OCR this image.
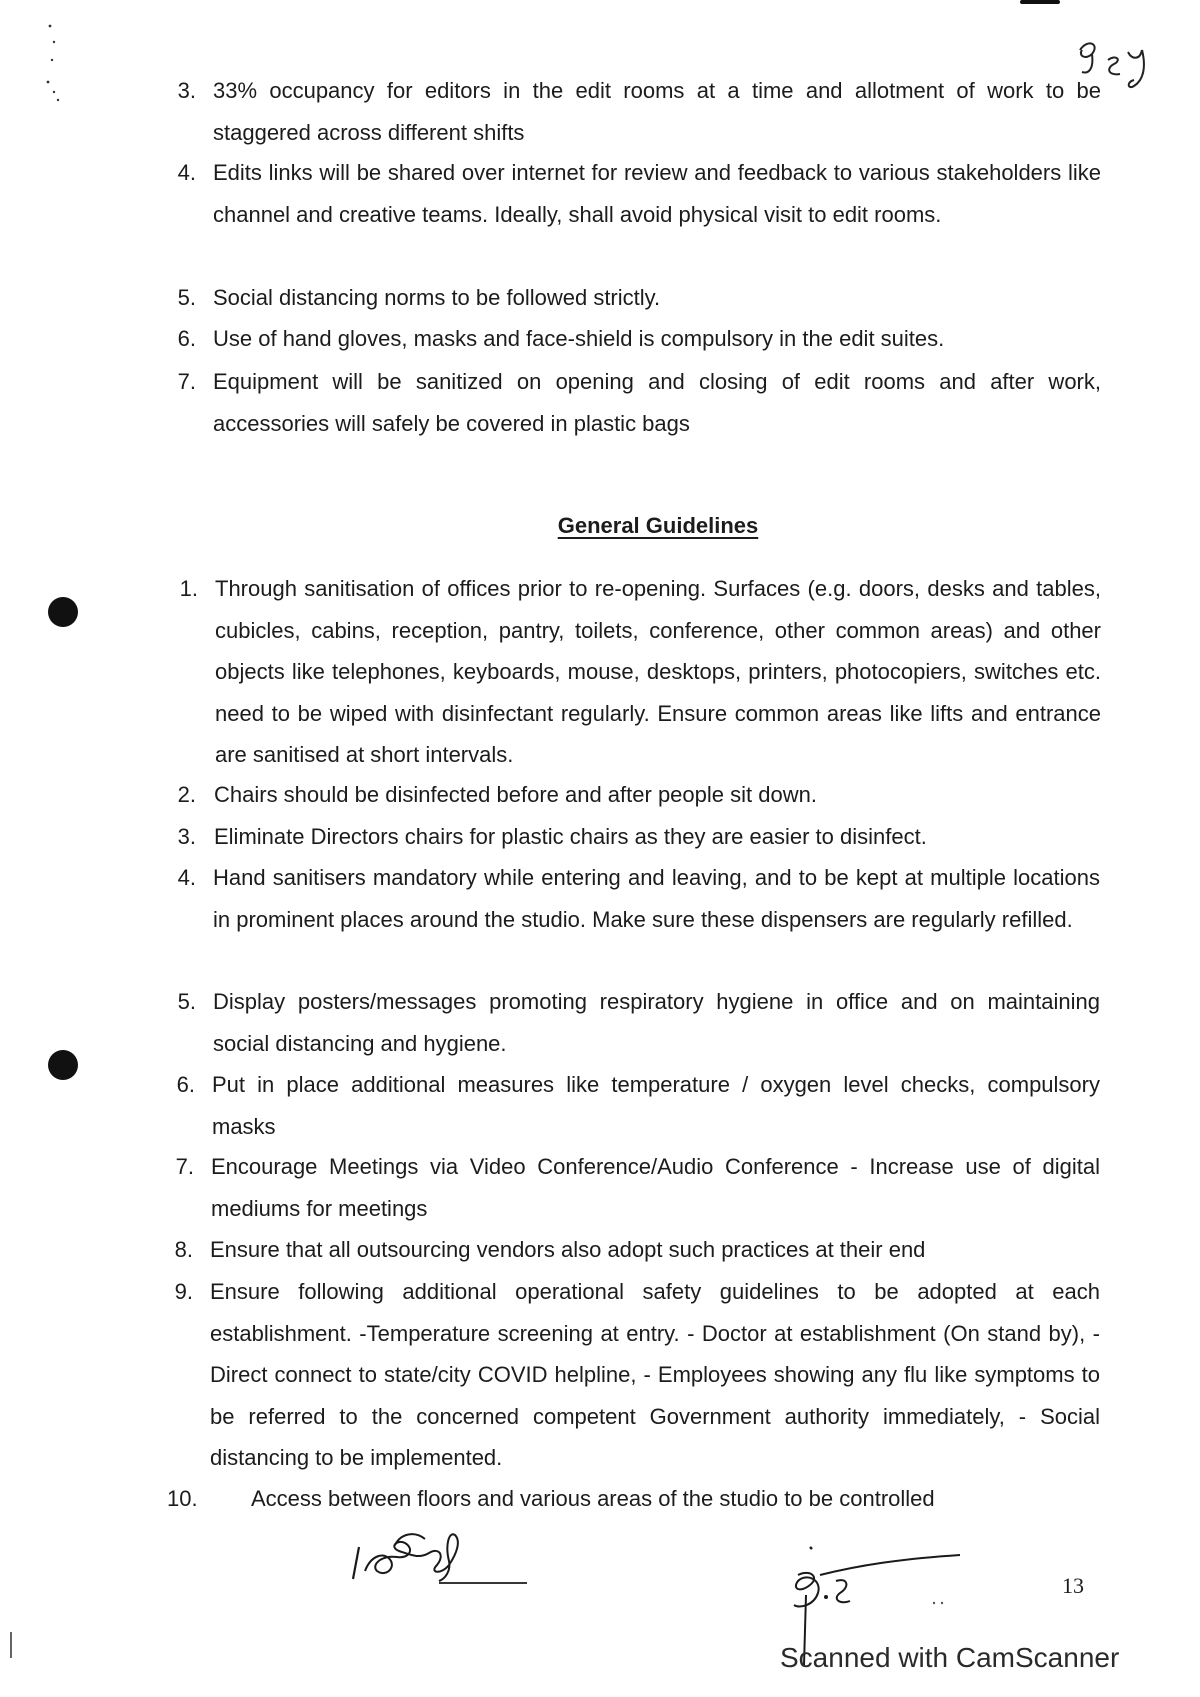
3. 33% occupancy for editors in the edit rooms at a time and allotment of work to be staggered across different shifts
4. Edits links will be shared over internet for review and feedback to various stakeholders like channel and creative teams. Ideally, shall avoid physical visit to edit rooms.
5. Social distancing norms to be followed strictly.
6. Use of hand gloves, masks and face-shield is compulsory in the edit suites.
7. Equipment will be sanitized on opening and closing of edit rooms and after work, accessories will safely be covered in plastic bags
General Guidelines
1. Through sanitisation of offices prior to re-opening. Surfaces (e.g. doors, desks and tables, cubicles, cabins, reception, pantry, toilets, conference, other common areas) and other objects like telephones, keyboards, mouse, desktops, printers, photocopiers, switches etc. need to be wiped with disinfectant regularly. Ensure common areas like lifts and entrance are sanitised at short intervals.
2. Chairs should be disinfected before and after people sit down.
3. Eliminate Directors chairs for plastic chairs as they are easier to disinfect.
4. Hand sanitisers mandatory while entering and leaving, and to be kept at multiple locations in prominent places around the studio. Make sure these dispensers are regularly refilled.
5. Display posters/messages promoting respiratory hygiene in office and on maintaining social distancing and hygiene.
6. Put in place additional measures like temperature / oxygen level checks, compulsory masks
7. Encourage Meetings via Video Conference/Audio Conference - Increase use of digital mediums for meetings
8. Ensure that all outsourcing vendors also adopt such practices at their end
9. Ensure following additional operational safety guidelines to be adopted at each establishment. -Temperature screening at entry. - Doctor at establishment (On stand by), - Direct connect to state/city COVID helpline, - Employees showing any flu like symptoms to be referred to the concerned competent Government authority immediately, - Social distancing to be implemented.
10.	Access between floors and various areas of the studio to be controlled
13
Scanned with CamScanner
